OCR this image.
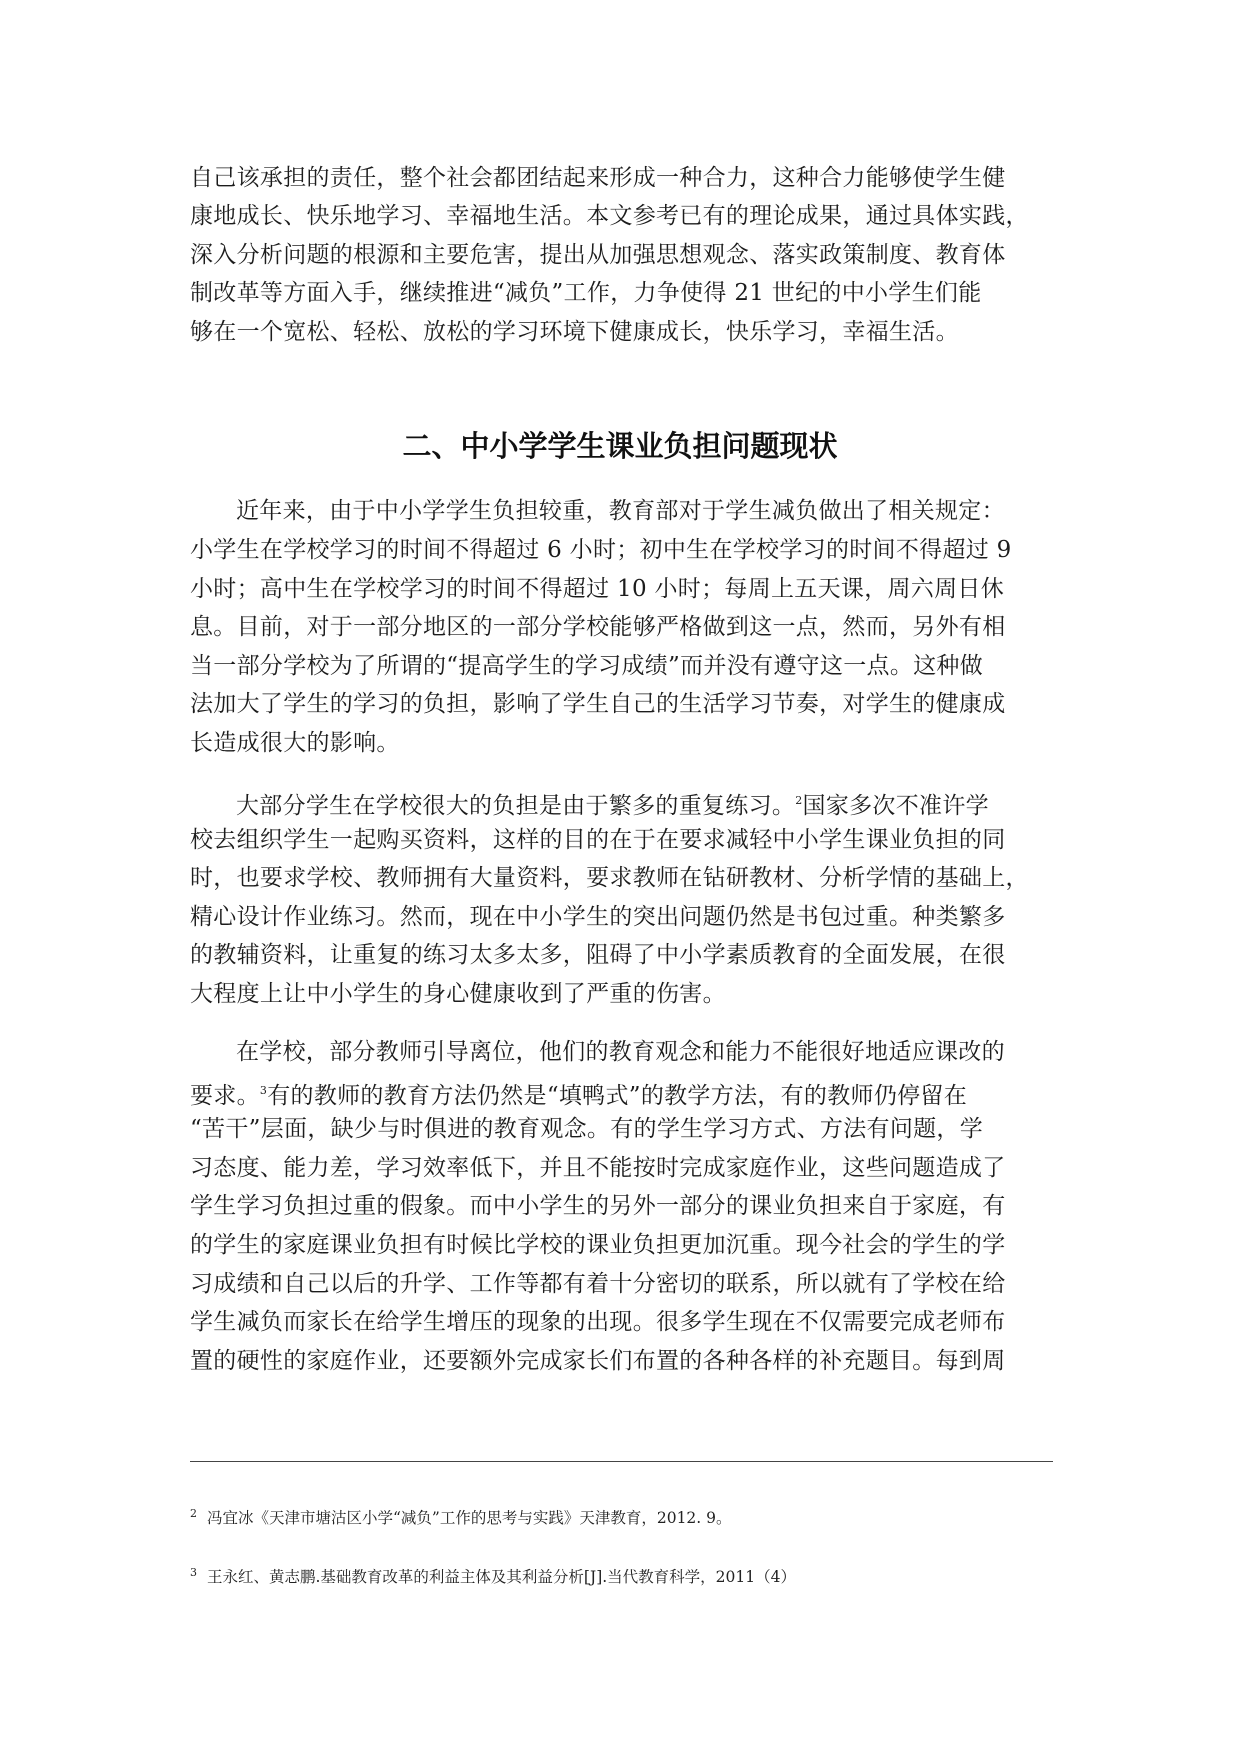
自己该承担的责任，整个社会都团结起来形成一种合力，这种合力能够使学生健
康地成长、快乐地学习、幸福地生活。本文参考已有的理论成果，通过具体实践，
深入分析问题的根源和主要危害，提出从加强思想观念、落实政策制度、教育体
制改革等方面入手，继续推进“减负”工作，力争使得 21 世纪的中小学生们能
够在一个宽松、轻松、放松的学习环境下健康成长，快乐学习，幸福生活。
二、中小学学生课业负担问题现状
近年来，由于中小学学生负担较重，教育部对于学生减负做出了相关规定：
小学生在学校学习的时间不得超过 6 小时；初中生在学校学习的时间不得超过 9
小时；高中生在学校学习的时间不得超过 10 小时；每周上五天课，周六周日休
息。目前，对于一部分地区的一部分学校能够严格做到这一点，然而，另外有相
当一部分学校为了所谓的“提高学生的学习成绩”而并没有遵守这一点。这种做
法加大了学生的学习的负担，影响了学生自己的生活学习节奏，对学生的健康成
长造成很大的影响。
大部分学生在学校很大的负担是由于繁多的重复练习。$^2$国家多次不准许学
校去组织学生一起购买资料，这样的目的在于在要求减轻中小学生课业负担的同
时，也要求学校、教师拥有大量资料，要求教师在钻研教材、分析学情的基础上，
精心设计作业练习。然而，现在中小学生的突出问题仍然是书包过重。种类繁多
的教辅资料，让重复的练习太多太多，阻碍了中小学素质教育的全面发展，在很
大程度上让中小学生的身心健康收到了严重的伤害。
在学校，部分教师引导离位，他们的教育观念和能力不能很好地适应课改的
要求。$^3$有的教师的教育方法仍然是“填鸭式”的教学方法，有的教师仍停留在
“苦干”层面，缺少与时俱进的教育观念。有的学生学习方式、方法有问题，学
习态度、能力差，学习效率低下，并且不能按时完成家庭作业，这些问题造成了
学生学习负担过重的假象。而中小学生的另外一部分的课业负担来自于家庭，有
的学生的家庭课业负担有时候比学校的课业负担更加沉重。现今社会的学生的学
习成绩和自己以后的升学、工作等都有着十分密切的联系，所以就有了学校在给
学生减负而家长在给学生增压的现象的出现。很多学生现在不仅需要完成老师布
置的硬性的家庭作业，还要额外完成家长们布置的各种各样的补充题目。每到周
$^2$ 冯宜冰《天津市塘沽区小学“减负”工作的思考与实践》天津教育，2012. 9。
$^3$ 王永红、黄志鹏.基础教育改革的利益主体及其利益分析[J].当代教育科学，2011（4）
